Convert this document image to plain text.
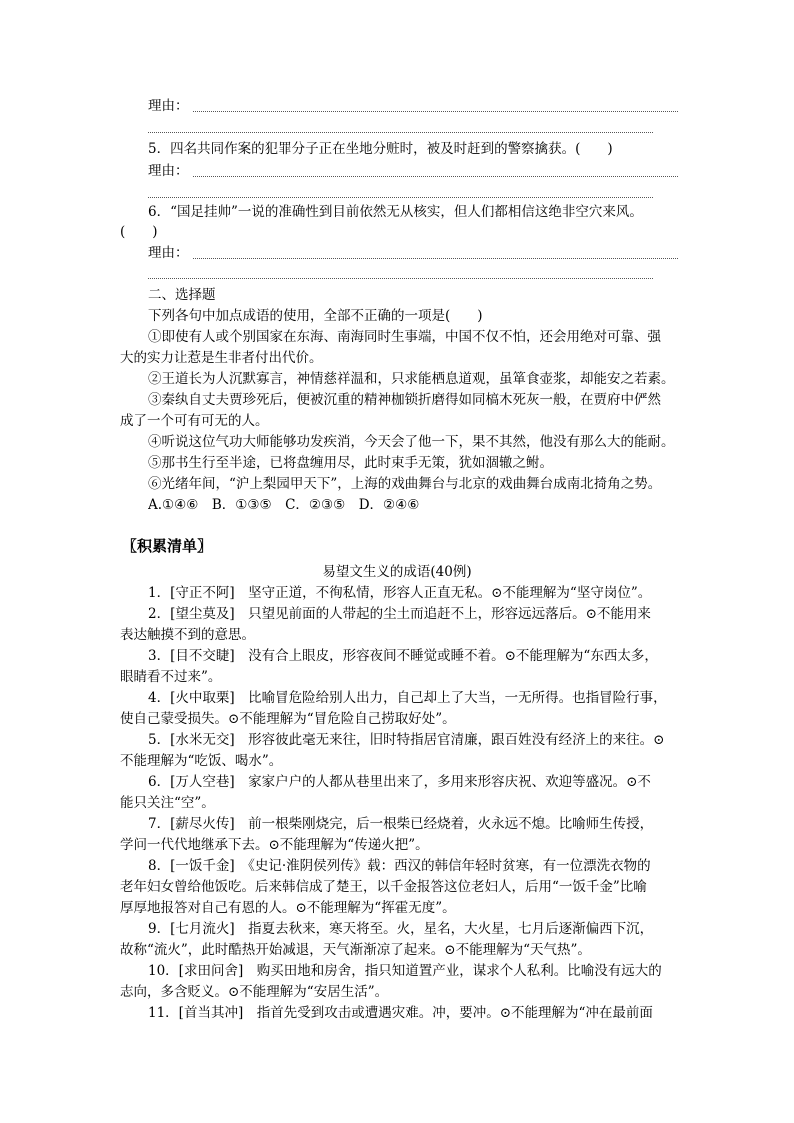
理由：
5．四名共同作案的犯罪分子正在坐地分赃时，被及时赶到的警察擒获。(　　)
理由：
6．“国足挂帅”一说的准确性到目前依然无从核实，但人们都相信这绝非空穴来风。
(　　)
理由：
二、选择题
下列各句中加点成语的使用，全部不正确的一项是(　　)
①即使有人或个别国家在东海、南海同时生事端，中国不仅不怕，还会用绝对可靠、强
大的实力让惹是生非者付出代价。
②王道长为人沉默寡言，神情慈祥温和，只求能栖息道观，虽箪食壶浆，却能安之若素。
③秦纨自丈夫贾珍死后，便被沉重的精神枷锁折磨得如同槁木死灰一般，在贾府中俨然
成了一个可有可无的人。
④听说这位气功大师能够功发疾消，今天会了他一下，果不其然，他没有那么大的能耐。
⑤那书生行至半途，已将盘缠用尽，此时束手无策，犹如涸辙之鲋。
⑥光绪年间，“沪上梨园甲天下”，上海的戏曲舞台与北京的戏曲舞台成南北掎角之势。
A.①④⑥　B．①③⑤　C．②③⑤　D．②④⑥
〖积累清单〗
易望文生义的成语(40例)
1．[守正不阿]　坚守正道，不徇私情，形容人正直无私。⊙不能理解为“坚守岗位”。
2．[望尘莫及]　只望见前面的人带起的尘土而追赶不上，形容远远落后。⊙不能用来
表达触摸不到的意思。
3．[目不交睫]　没有合上眼皮，形容夜间不睡觉或睡不着。⊙不能理解为“东西太多，
眼睛看不过来”。
4．[火中取栗]　比喻冒危险给别人出力，自己却上了大当，一无所得。也指冒险行事，
使自己蒙受损失。⊙不能理解为“冒危险自己捞取好处”。
5．[水米无交]　形容彼此毫无来往，旧时特指居官清廉，跟百姓没有经济上的来往。⊙
不能理解为“吃饭、喝水”。
6．[万人空巷]　家家户户的人都从巷里出来了，多用来形容庆祝、欢迎等盛况。⊙不
能只关注“空”。
7．[薪尽火传]　前一根柴刚烧完，后一根柴已经烧着，火永远不熄。比喻师生传授，
学问一代代地继承下去。⊙不能理解为“传递火把”。
8．[一饭千金]　《史记·淮阴侯列传》载：西汉的韩信年轻时贫寒，有一位漂洗衣物的
老年妇女曾给他饭吃。后来韩信成了楚王，以千金报答这位老妇人，后用“一饭千金”比喻
厚厚地报答对自己有恩的人。⊙不能理解为“挥霍无度”。
9．[七月流火]　指夏去秋来，寒天将至。火，星名，大火星，七月后逐渐偏西下沉，
故称“流火”，此时酷热开始减退，天气渐渐凉了起来。⊙不能理解为“天气热”。
10．[求田问舍]　购买田地和房舍，指只知道置产业，谋求个人私利。比喻没有远大的
志向，多含贬义。⊙不能理解为“安居生活”。
11．[首当其冲]　指首先受到攻击或遭遇灾难。冲，要冲。⊙不能理解为“冲在最前面
